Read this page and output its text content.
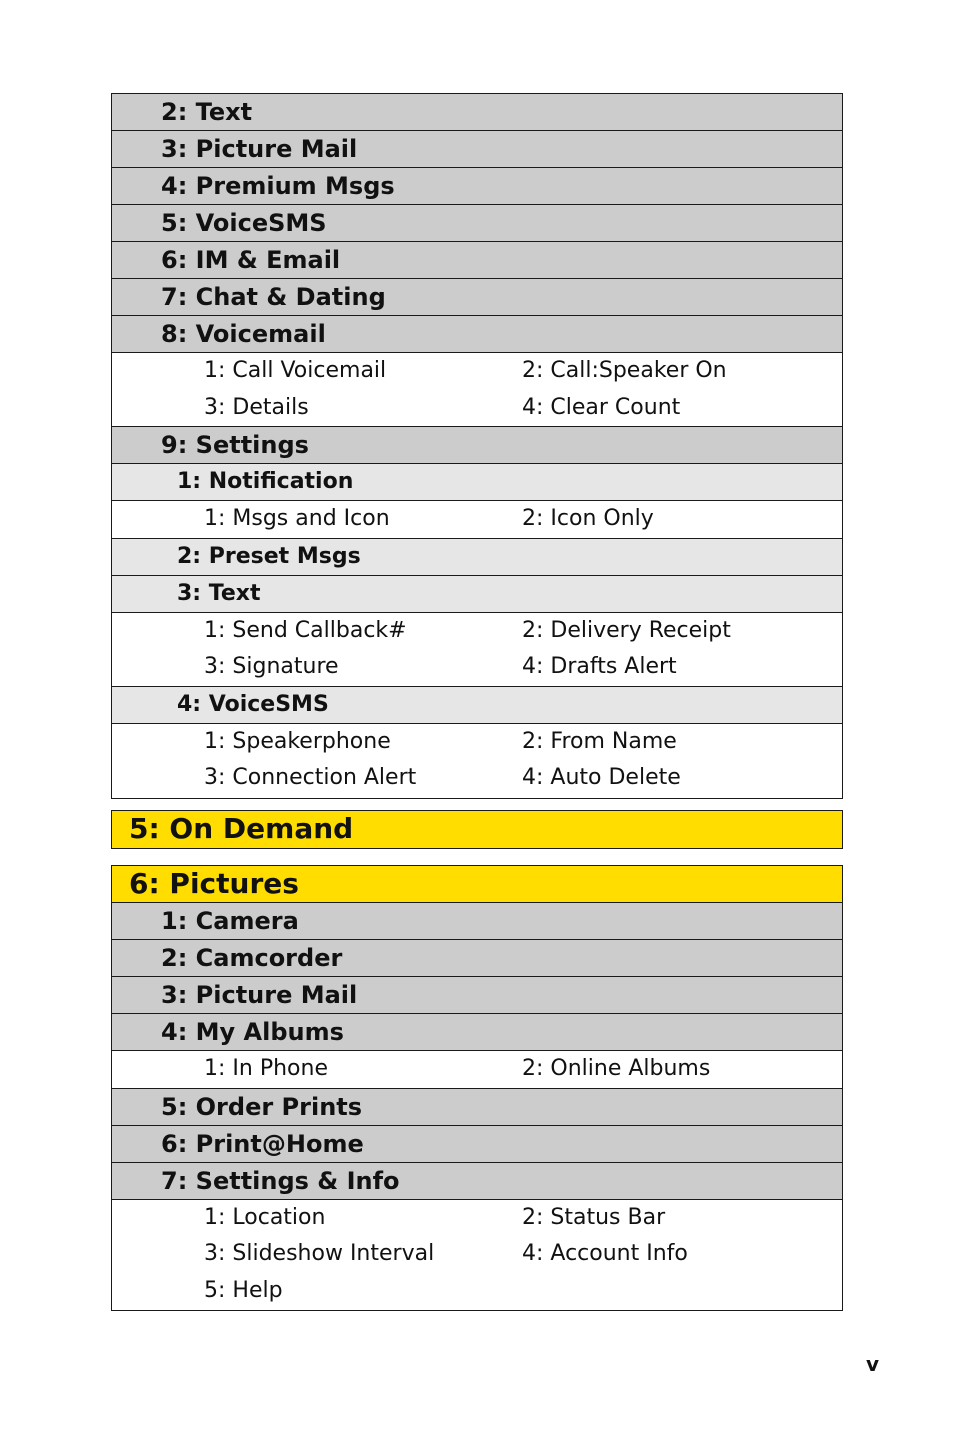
2: Text
3: Picture Mail
4: Premium Msgs
5: VoiceSMS
6: IM & Email
7: Chat & Dating
8: Voicemail
1: Call Voicemail	2: Call:Speaker On
3: Details	4: Clear Count
9: Settings
1: Notification
1: Msgs and Icon	2: Icon Only
2: Preset Msgs
3: Text
1: Send Callback#	2: Delivery Receipt
3: Signature	4: Drafts Alert
4: VoiceSMS
1: Speakerphone	2: From Name
3: Connection Alert	4: Auto Delete
5: On Demand
6: Pictures
1: Camera
2: Camcorder
3: Picture Mail
4: My Albums
1: In Phone	2: Online Albums
5: Order Prints
6: Print@Home
7: Settings & Info
1: Location	2: Status Bar
3: Slideshow Interval	4: Account Info
5: Help
v
